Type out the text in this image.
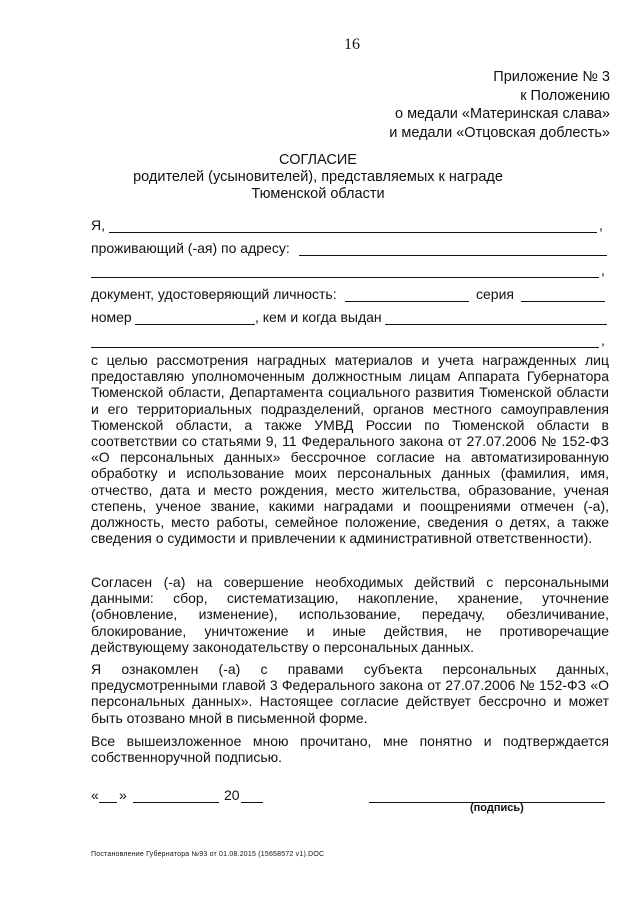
16
Приложение № 3
к Положению
о медали «Материнская слава»
и медали «Отцовская доблесть»
СОГЛАСИЕ
родителей (усыновителей), представляемых к награде
Тюменской области
Я,	,
проживающий (-ая) по адресу:
,
документ, удостоверяющий личность:	серия
номер	, кем и когда выдан
,
с целью рассмотрения наградных материалов и учета награжденных лиц предоставляю уполномоченным должностным лицам Аппарата Губернатора Тюменской области, Департамента социального развития Тюменской области и его территориальных подразделений, органов местного самоуправления Тюменской области, а также УМВД России по Тюменской области в соответствии со статьями 9, 11 Федерального закона от 27.07.2006 № 152-ФЗ «О персональных данных» бессрочное согласие на автоматизированную обработку и использование моих персональных данных (фамилия, имя, отчество, дата и место рождения, место жительства, образование, ученая степень, ученое звание, какими наградами и поощрениями отмечен (-а), должность, место работы, семейное положение, сведения о детях, а также сведения о судимости и привлечении к административной ответственности).
Согласен (-а) на совершение необходимых действий с персональными данными: сбор, систематизацию, накопление, хранение, уточнение (обновление, изменение), использование, передачу, обезличивание, блокирование, уничтожение и иные действия, не противоречащие действующему законодательству о персональных данных.
Я ознакомлен (-а) с правами субъекта персональных данных, предусмотренными главой 3 Федерального закона от 27.07.2006 № 152-ФЗ «О персональных данных». Настоящее согласие действует бессрочно и может быть отозвано мной в письменной форме.
Все вышеизложенное мною прочитано, мне понятно и подтверждается собственноручной подписью.
« »	20
(подпись)
Постановление Губернатора №93 от 01.08.2015 (15658572 v1).DOC
